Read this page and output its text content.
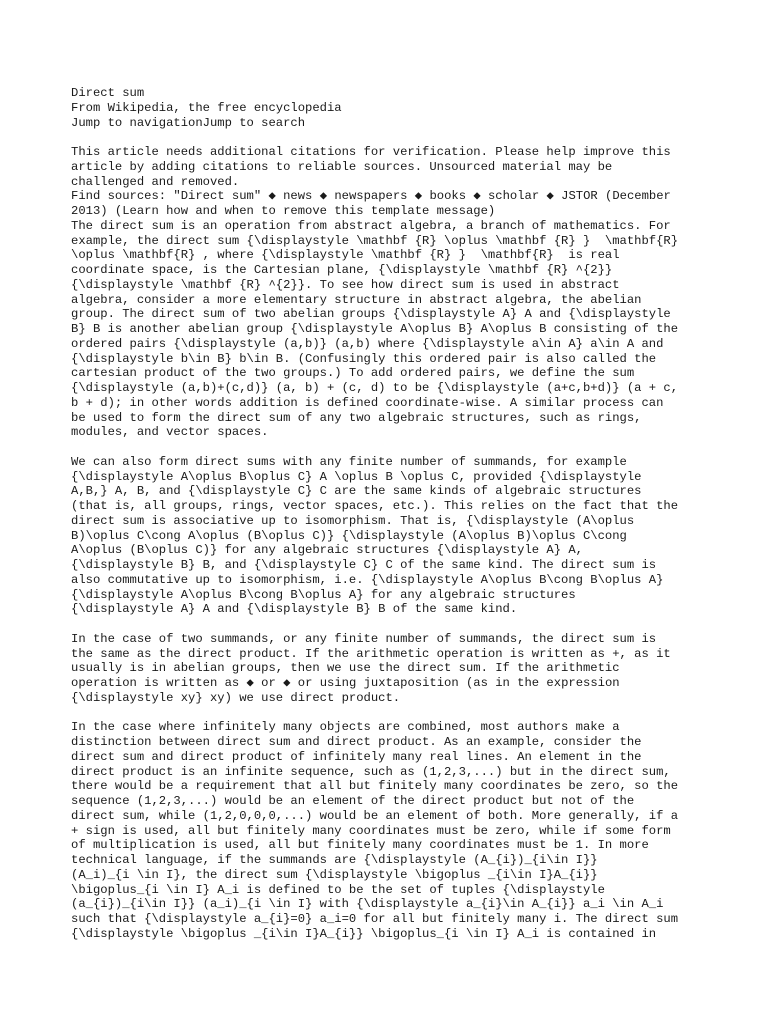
Direct sum
From Wikipedia, the free encyclopedia
Jump to navigationJump to search
This article needs additional citations for verification. Please help improve this
article by adding citations to reliable sources. Unsourced material may be
challenged and removed.
Find sources: "Direct sum" ◆ news ◆ newspapers ◆ books ◆ scholar ◆ JSTOR (December
2013) (Learn how and when to remove this template message)
The direct sum is an operation from abstract algebra, a branch of mathematics. For
example, the direct sum {\displaystyle \mathbf {R} \oplus \mathbf {R} }  \mathbf{R}
\oplus \mathbf{R} , where {\displaystyle \mathbf {R} }  \mathbf{R}  is real
coordinate space, is the Cartesian plane, {\displaystyle \mathbf {R} ^{2}}
{\displaystyle \mathbf {R} ^{2}}. To see how direct sum is used in abstract
algebra, consider a more elementary structure in abstract algebra, the abelian
group. The direct sum of two abelian groups {\displaystyle A} A and {\displaystyle
B} B is another abelian group {\displaystyle A\oplus B} A\oplus B consisting of the
ordered pairs {\displaystyle (a,b)} (a,b) where {\displaystyle a\in A} a\in A and
{\displaystyle b\in B} b\in B. (Confusingly this ordered pair is also called the
cartesian product of the two groups.) To add ordered pairs, we define the sum
{\displaystyle (a,b)+(c,d)} (a, b) + (c, d) to be {\displaystyle (a+c,b+d)} (a + c,
b + d); in other words addition is defined coordinate-wise. A similar process can
be used to form the direct sum of any two algebraic structures, such as rings,
modules, and vector spaces.
We can also form direct sums with any finite number of summands, for example
{\displaystyle A\oplus B\oplus C} A \oplus B \oplus C, provided {\displaystyle
A,B,} A, B, and {\displaystyle C} C are the same kinds of algebraic structures
(that is, all groups, rings, vector spaces, etc.). This relies on the fact that the
direct sum is associative up to isomorphism. That is, {\displaystyle (A\oplus
B)\oplus C\cong A\oplus (B\oplus C)} {\displaystyle (A\oplus B)\oplus C\cong
A\oplus (B\oplus C)} for any algebraic structures {\displaystyle A} A,
{\displaystyle B} B, and {\displaystyle C} C of the same kind. The direct sum is
also commutative up to isomorphism, i.e. {\displaystyle A\oplus B\cong B\oplus A}
{\displaystyle A\oplus B\cong B\oplus A} for any algebraic structures
{\displaystyle A} A and {\displaystyle B} B of the same kind.
In the case of two summands, or any finite number of summands, the direct sum is
the same as the direct product. If the arithmetic operation is written as +, as it
usually is in abelian groups, then we use the direct sum. If the arithmetic
operation is written as ◆ or ◆ or using juxtaposition (as in the expression
{\displaystyle xy} xy) we use direct product.
In the case where infinitely many objects are combined, most authors make a
distinction between direct sum and direct product. As an example, consider the
direct sum and direct product of infinitely many real lines. An element in the
direct product is an infinite sequence, such as (1,2,3,...) but in the direct sum,
there would be a requirement that all but finitely many coordinates be zero, so the
sequence (1,2,3,...) would be an element of the direct product but not of the
direct sum, while (1,2,0,0,0,...) would be an element of both. More generally, if a
+ sign is used, all but finitely many coordinates must be zero, while if some form
of multiplication is used, all but finitely many coordinates must be 1. In more
technical language, if the summands are {\displaystyle (A_{i})_{i\in I}}
(A_i)_{i \in I}, the direct sum {\displaystyle \bigoplus _{i\in I}A_{i}}
\bigoplus_{i \in I} A_i is defined to be the set of tuples {\displaystyle
(a_{i})_{i\in I}} (a_i)_{i \in I} with {\displaystyle a_{i}\in A_{i}} a_i \in A_i
such that {\displaystyle a_{i}=0} a_i=0 for all but finitely many i. The direct sum
{\displaystyle \bigoplus _{i\in I}A_{i}} \bigoplus_{i \in I} A_i is contained in
